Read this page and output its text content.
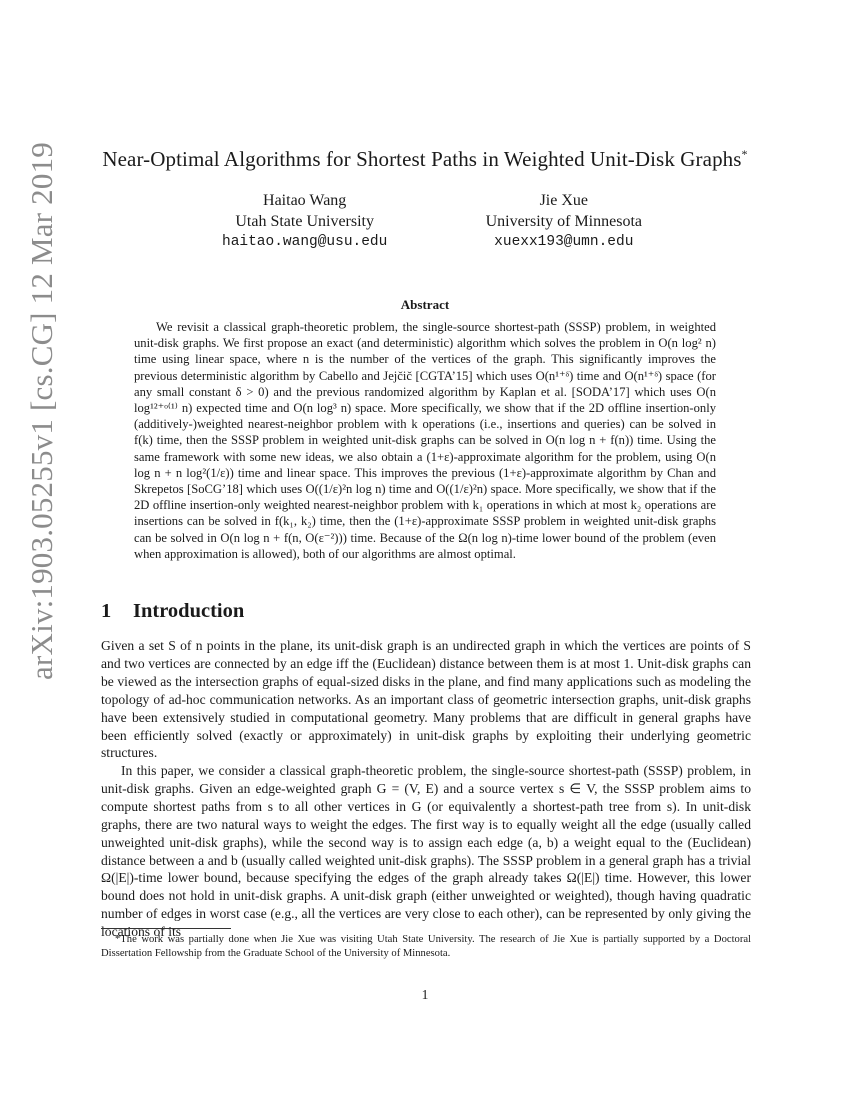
arXiv:1903.05255v1 [cs.CG] 12 Mar 2019	Near-Optimal Algorithms for Shortest Paths in Weighted Unit-Disk Graphs*
Haitao Wang
Utah State University
haitao.wang@usu.edu
Jie Xue
University of Minnesota
xuexx193@umn.edu
Abstract

We revisit a classical graph-theoretic problem, the single-source shortest-path (SSSP) problem, in weighted unit-disk graphs. We first propose an exact (and deterministic) algorithm which solves the problem in O(n log² n) time using linear space, where n is the number of the vertices of the graph. This significantly improves the previous deterministic algorithm by Cabello and Jejčič [CGTA’15] which uses O(n¹⁺ᵟ) time and O(n¹⁺ᵟ) space (for any small constant δ > 0) and the previous randomized algorithm by Kaplan et al. [SODA’17] which uses O(n log¹²⁺ᵒ⁽¹⁾ n) expected time and O(n log³ n) space. More specifically, we show that if the 2D offline insertion-only (additively-)weighted nearest-neighbor problem with k operations (i.e., insertions and queries) can be solved in f(k) time, then the SSSP problem in weighted unit-disk graphs can be solved in O(n log n + f(n)) time. Using the same framework with some new ideas, we also obtain a (1+ε)-approximate algorithm for the problem, using O(n log n + n log²(1/ε)) time and linear space. This improves the previous (1+ε)-approximate algorithm by Chan and Skrepetos [SoCG’18] which uses O((1/ε)²n log n) time and O((1/ε)²n) space. More specifically, we show that if the 2D offline insertion-only weighted nearest-neighbor problem with k₁ operations in which at most k₂ operations are insertions can be solved in f(k₁, k₂) time, then the (1+ε)-approximate SSSP problem in weighted unit-disk graphs can be solved in O(n log n + f(n, O(ε⁻²))) time. Because of the Ω(n log n)-time lower bound of the problem (even when approximation is allowed), both of our algorithms are almost optimal.

1 Introduction

Given a set S of n points in the plane, its unit-disk graph is an undirected graph in which the vertices are points of S and two vertices are connected by an edge iff the (Euclidean) distance between them is at most 1. Unit-disk graphs can be viewed as the intersection graphs of equal-sized disks in the plane, and find many applications such as modeling the topology of ad-hoc communication networks. As an important class of geometric intersection graphs, unit-disk graphs have been extensively studied in computational geometry. Many problems that are difficult in general graphs have been efficiently solved (exactly or approximately) in unit-disk graphs by exploiting their underlying geometric structures.

In this paper, we consider a classical graph-theoretic problem, the single-source shortest-path (SSSP) problem, in unit-disk graphs. Given an edge-weighted graph G = (V, E) and a source vertex s ∈ V, the SSSP problem aims to compute shortest paths from s to all other vertices in G (or equivalently a shortest-path tree from s). In unit-disk graphs, there are two natural ways to weight the edges. The first way is to equally weight all the edge (usually called unweighted unit-disk graphs), while the second way is to assign each edge (a, b) a weight equal to the (Euclidean) distance between a and b (usually called weighted unit-disk graphs). The SSSP problem in a general graph has a trivial Ω(|E|)-time lower bound, because specifying the edges of the graph already takes Ω(|E|) time. However, this lower bound does not hold in unit-disk graphs. A unit-disk graph (either unweighted or weighted), though having quadratic number of edges in worst case (e.g., all the vertices are very close to each other), can be represented by only giving the locations of its

*The work was partially done when Jie Xue was visiting Utah State University. The research of Jie Xue is partially supported by a Doctoral Dissertation Fellowship from the Graduate School of the University of Minnesota.

1
